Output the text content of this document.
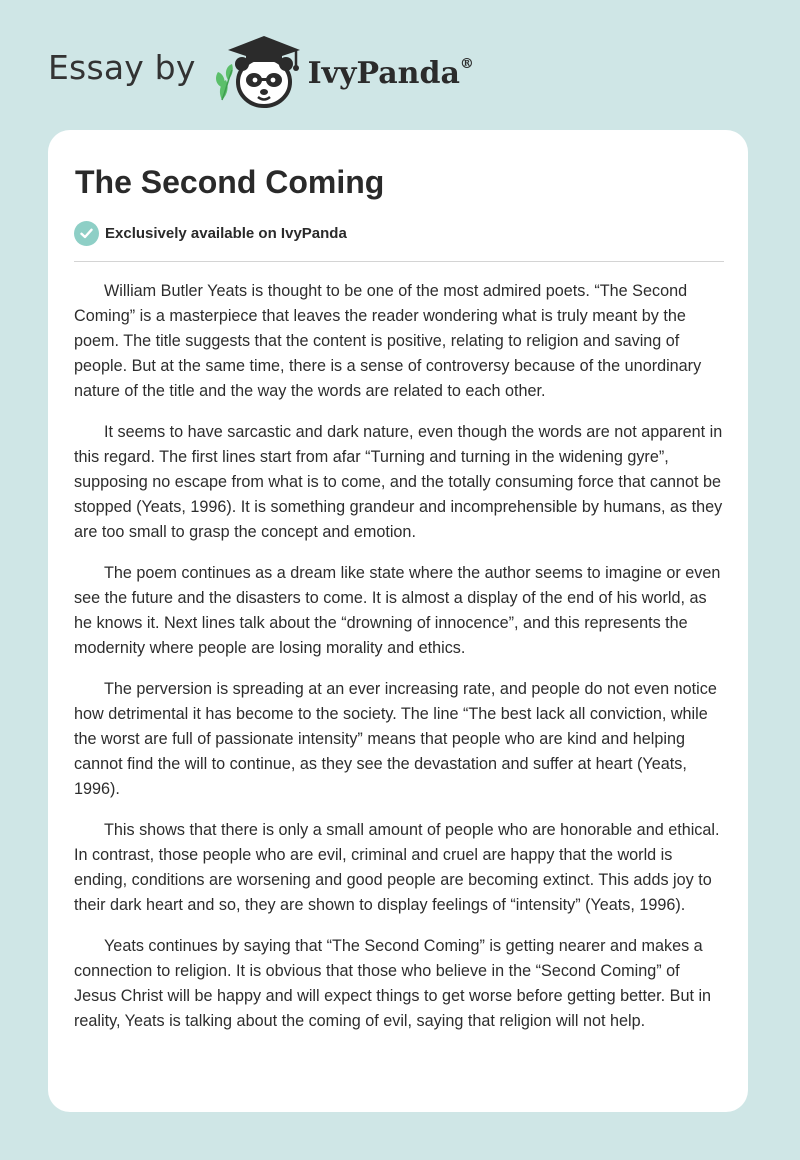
Essay by	IvyPanda®
The Second Coming
Exclusively available on IvyPanda

William Butler Yeats is thought to be one of the most admired poets. “The Second Coming” is a masterpiece that leaves the reader wondering what is truly meant by the poem. The title suggests that the content is positive, relating to religion and saving of people. But at the same time, there is a sense of controversy because of the unordinary nature of the title and the way the words are related to each other.

It seems to have sarcastic and dark nature, even though the words are not apparent in this regard. The first lines start from afar “Turning and turning in the widening gyre”, supposing no escape from what is to come, and the totally consuming force that cannot be stopped (Yeats, 1996). It is something grandeur and incomprehensible by humans, as they are too small to grasp the concept and emotion.

The poem continues as a dream like state where the author seems to imagine or even see the future and the disasters to come. It is almost a display of the end of his world, as he knows it. Next lines talk about the “drowning of innocence”, and this represents the modernity where people are losing morality and ethics.

The perversion is spreading at an ever increasing rate, and people do not even notice how detrimental it has become to the society. The line “The best lack all conviction, while the worst are full of passionate intensity” means that people who are kind and helping cannot find the will to continue, as they see the devastation and suffer at heart (Yeats, 1996).

This shows that there is only a small amount of people who are honorable and ethical. In contrast, those people who are evil, criminal and cruel are happy that the world is ending, conditions are worsening and good people are becoming extinct. This adds joy to their dark heart and so, they are shown to display feelings of “intensity” (Yeats, 1996).

Yeats continues by saying that “The Second Coming” is getting nearer and makes a connection to religion. It is obvious that those who believe in the “Second Coming” of Jesus Christ will be happy and will expect things to get worse before getting better. But in reality, Yeats is talking about the coming of evil, saying that religion will not help.
